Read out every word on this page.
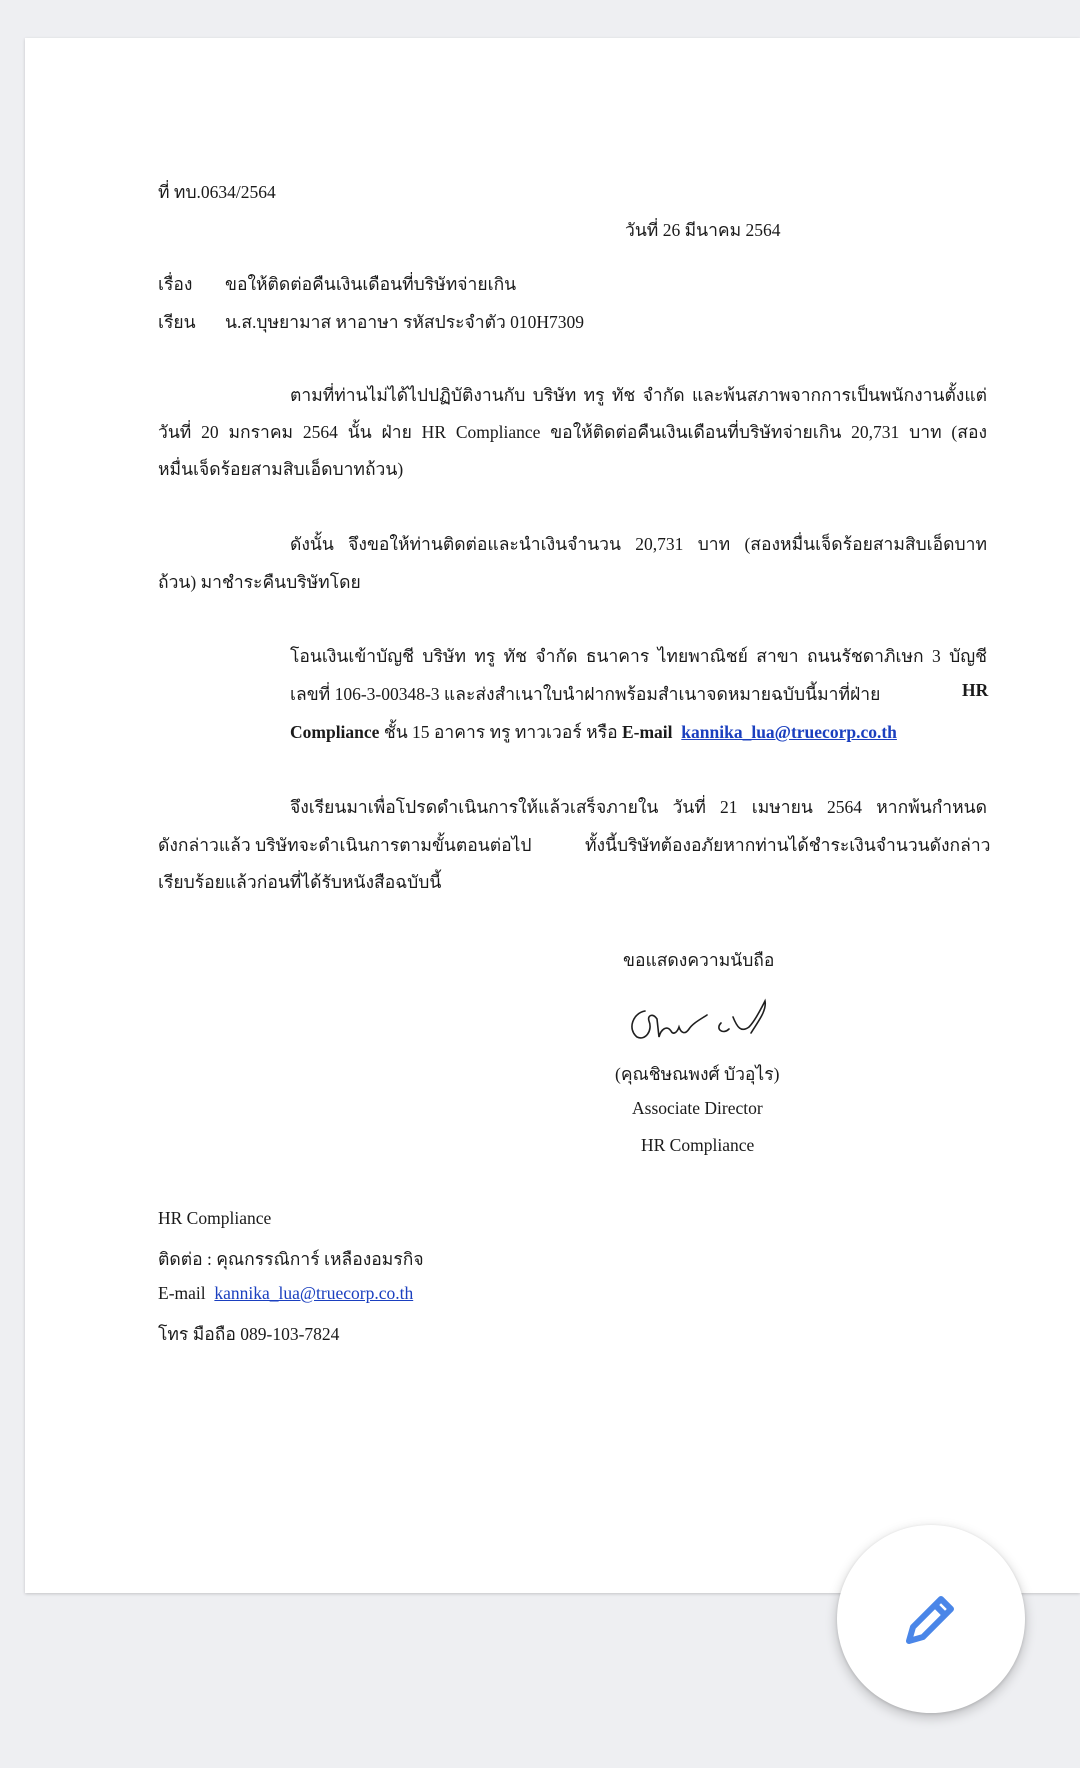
ที่ ทบ.0634/2564
วันที่ 26 มีนาคม 2564
เรื่อง ขอให้ติดต่อคืนเงินเดือนที่บริษัทจ่ายเกิน
เรียน น.ส.บุษยามาส หาอาษา รหัสประจำตัว 010H7309
ตามที่ท่านไม่ได้ไปปฏิบัติงานกับ บริษัท ทรู ทัช จำกัด และพ้นสภาพจากการเป็นพนักงานตั้งแต่
วันที่ 20 มกราคม 2564 นั้น ฝ่าย HR Compliance ขอให้ติดต่อคืนเงินเดือนที่บริษัทจ่ายเกิน 20,731 บาท (สอง
หมื่นเจ็ดร้อยสามสิบเอ็ดบาทถ้วน)
ดังนั้น จึงขอให้ท่านติดต่อและนำเงินจำนวน 20,731 บาท (สองหมื่นเจ็ดร้อยสามสิบเอ็ดบาท
ถ้วน) มาชำระคืนบริษัทโดย
โอนเงินเข้าบัญชี บริษัท ทรู ทัช จำกัด ธนาคาร ไทยพาณิชย์ สาขา ถนนรัชดาภิเษก 3 บัญชี
เลขที่ 106-3-00348-3 และส่งสำเนาใบนำฝากพร้อมสำเนาจดหมายฉบับนี้มาที่ฝ่าย	HR
Compliance ชั้น 15 อาคาร ทรู ทาวเวอร์ หรือ E-mail kannika_lua@truecorp.co.th
จึงเรียนมาเพื่อโปรดดำเนินการให้แล้วเสร็จภายใน วันที่ 21 เมษายน 2564 หากพ้นกำหนด
ดังกล่าวแล้ว บริษัทจะดำเนินการตามขั้นตอนต่อไป	ทั้งนี้บริษัทต้องอภัยหากท่านได้ชำระเงินจำนวนดังกล่าว
เรียบร้อยแล้วก่อนที่ได้รับหนังสือฉบับนี้
ขอแสดงความนับถือ
(คุณชิษณพงศ์ บัวอุไร)
Associate Director
HR Compliance
HR Compliance
ติดต่อ : คุณกรรณิการ์ เหลืองอมรกิจ
E-mail kannika_lua@truecorp.co.th
โทร มือถือ 089-103-7824
